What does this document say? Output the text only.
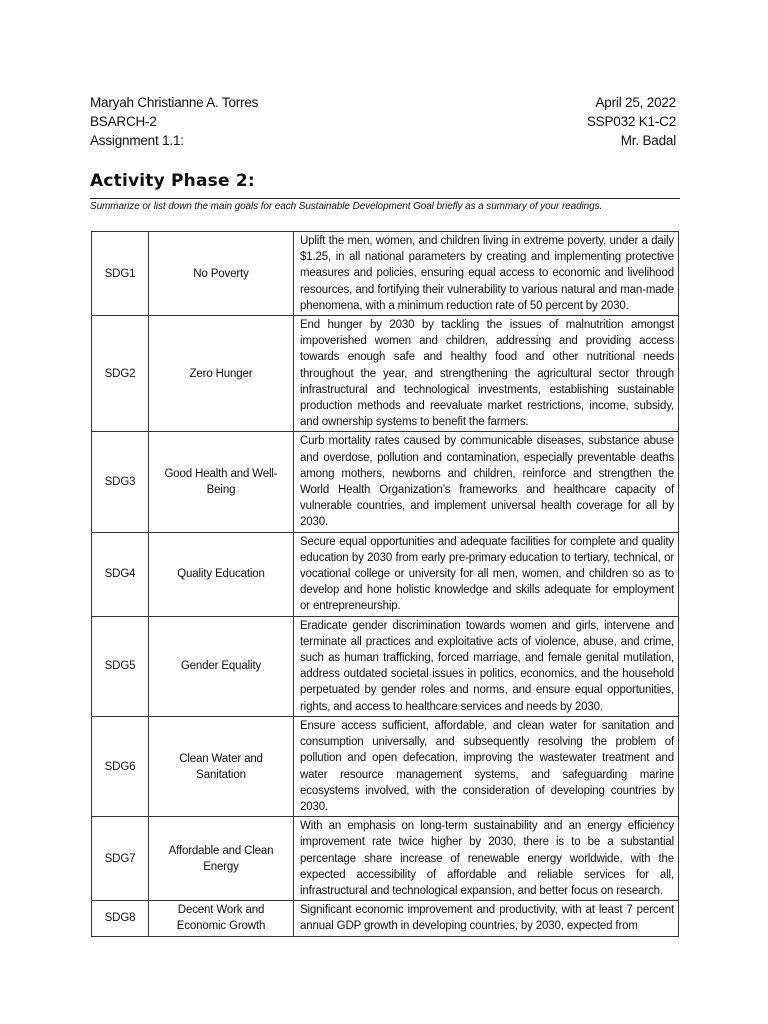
Maryah Christianne A. Torres
BSARCH-2
Assignment 1.1:
April 25, 2022
SSP032 K1-C2
Mr. Badal
Activity Phase 2:
Summarize or list down the main goals for each Sustainable Development Goal briefly as a summary of your readings.
SDG1	No Poverty	Uplift the men, women, and children living in extreme poverty, under a daily $1.25, in all national parameters by creating and implementing protective measures and policies, ensuring equal access to economic and livelihood resources, and fortifying their vulnerability to various natural and man-made phenomena, with a minimum reduction rate of 50 percent by 2030.
SDG2	Zero Hunger	End hunger by 2030 by tackling the issues of malnutrition amongst impoverished women and children, addressing and providing access towards enough safe and healthy food and other nutritional needs throughout the year, and strengthening the agricultural sector through infrastructural and technological investments, establishing sustainable production methods and reevaluate market restrictions, income, subsidy, and ownership systems to benefit the farmers.
SDG3	Good Health and Well-Being	Curb mortality rates caused by communicable diseases, substance abuse and overdose, pollution and contamination, especially preventable deaths among mothers, newborns and children, reinforce and strengthen the World Health Organization’s frameworks and healthcare capacity of vulnerable countries, and implement universal health coverage for all by 2030.
SDG4	Quality Education	Secure equal opportunities and adequate facilities for complete and quality education by 2030 from early pre-primary education to tertiary, technical, or vocational college or university for all men, women, and children so as to develop and hone holistic knowledge and skills adequate for employment or entrepreneurship.
SDG5	Gender Equality	Eradicate gender discrimination towards women and girls, intervene and terminate all practices and exploitative acts of violence, abuse, and crime, such as human trafficking, forced marriage, and female genital mutilation, address outdated societal issues in politics, economics, and the household perpetuated by gender roles and norms, and ensure equal opportunities, rights, and access to healthcare services and needs by 2030.
SDG6	Clean Water and Sanitation	Ensure access sufficient, affordable, and clean water for sanitation and consumption universally, and subsequently resolving the problem of pollution and open defecation, improving the wastewater treatment and water resource management systems, and safeguarding marine ecosystems involved, with the consideration of developing countries by 2030.
SDG7	Affordable and Clean Energy	With an emphasis on long-term sustainability and an energy efficiency improvement rate twice higher by 2030, there is to be a substantial percentage share increase of renewable energy worldwide, with the expected accessibility of affordable and reliable services for all, infrastructural and technological expansion, and better focus on research.
SDG8	Decent Work and Economic Growth	Significant economic improvement and productivity, with at least 7 percent annual GDP growth in developing countries, by 2030, expected from
